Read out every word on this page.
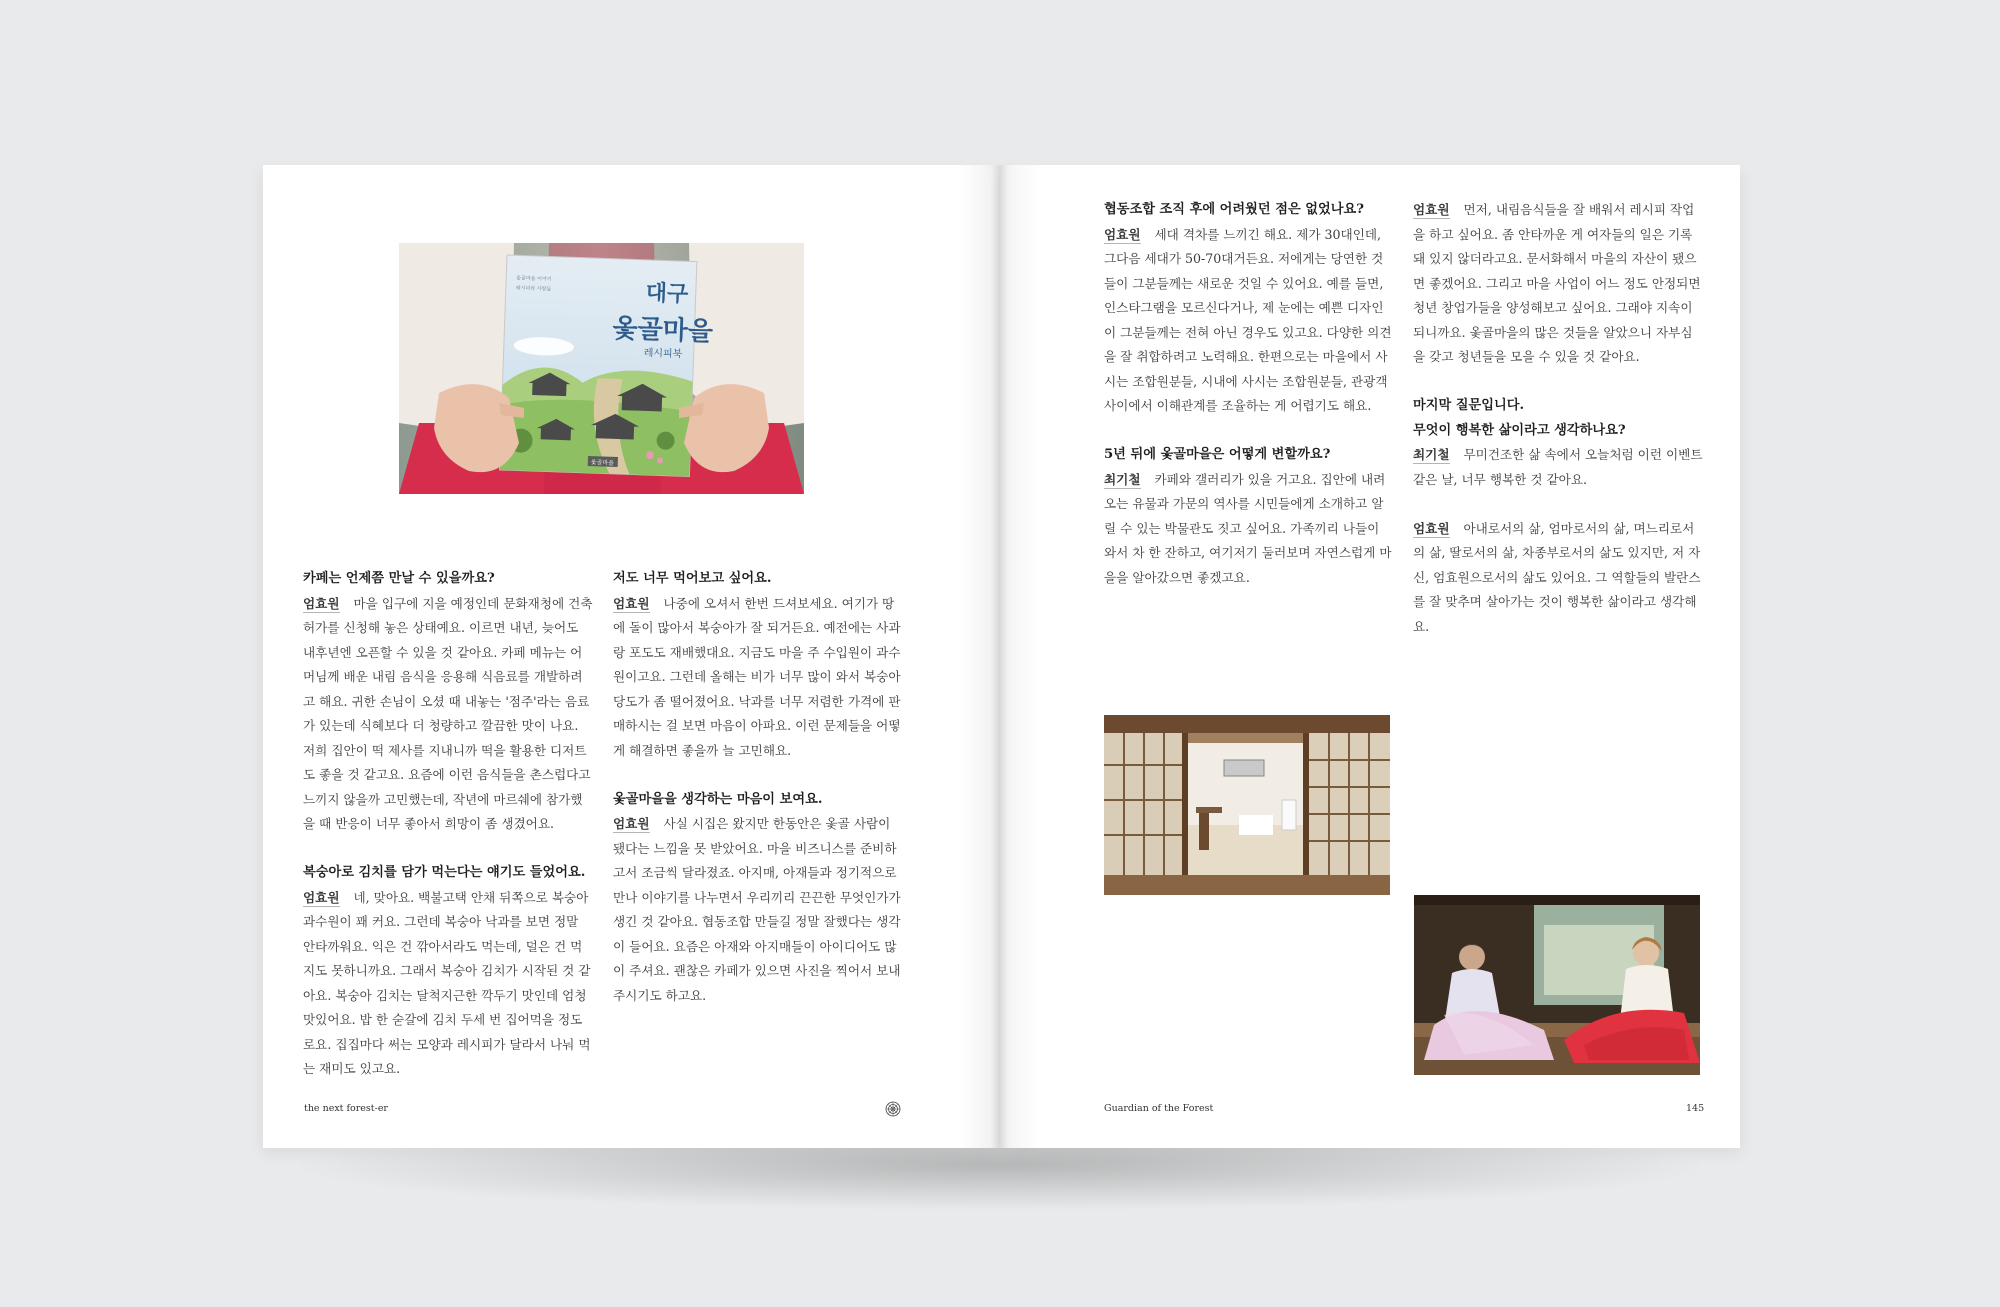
옻골마을 이야기
레시피와 사람들	대구
옻골마을
레시피북
옻골마을
카페는 언제쯤 만날 수 있을까요?
엄효원 마을 입구에 지을 예정인데 문화재청에 건축 허가를 신청해 놓은 상태예요. 이르면 내년, 늦어도 내후년엔 오픈할 수 있을 것 같아요. 카페 메뉴는 어머님께 배운 내림 음식을 응용해 식음료를 개발하려고 해요. 귀한 손님이 오셨 때 내놓는 '점주'라는 음료가 있는데 식혜보다 더 청량하고 깔끔한 맛이 나요. 저희 집안이 떡 제사를 지내니까 떡을 활용한 디저트도 좋을 것 같고요. 요즘에 이런 음식들을 촌스럽다고 느끼지 않을까 고민했는데, 작년에 마르쉐에 참가했을 때 반응이 너무 좋아서 희망이 좀 생겼어요.
복숭아로 김치를 담가 먹는다는 얘기도 들었어요.
엄효원 네, 맞아요. 백불고택 안채 뒤쪽으로 복숭아 과수원이 꽤 커요. 그런데 복숭아 낙과를 보면 정말 안타까워요. 익은 건 깎아서라도 먹는데, 덜은 건 먹지도 못하니까요. 그래서 복숭아 김치가 시작된 것 같아요. 복숭아 김치는 달척지근한 깍두기 맛인데 엄청 맛있어요. 밥 한 숟갈에 김치 두세 번 집어먹을 정도로요. 집집마다 써는 모양과 레시피가 달라서 나눠 먹는 재미도 있고요.
저도 너무 먹어보고 싶어요.
엄효원 나중에 오셔서 한번 드셔보세요. 여기가 땅에 돌이 많아서 복숭아가 잘 되거든요. 예전에는 사과랑 포도도 재배했대요. 지금도 마을 주 수입원이 과수원이고요. 그런데 올해는 비가 너무 많이 와서 복숭아 당도가 좀 떨어졌어요. 낙과를 너무 저렴한 가격에 판매하시는 걸 보면 마음이 아파요. 이런 문제들을 어떻게 해결하면 좋을까 늘 고민해요.
옻골마을을 생각하는 마음이 보여요.
엄효원 사실 시집은 왔지만 한동안은 옻골 사람이 됐다는 느낌을 못 받았어요. 마을 비즈니스를 준비하고서 조금씩 달라졌죠. 아지매, 아재들과 정기적으로 만나 이야기를 나누면서 우리끼리 끈끈한 무엇인가가 생긴 것 같아요. 협동조합 만들길 정말 잘했다는 생각이 들어요. 요즘은 아재와 아지매들이 아이디어도 많이 주셔요. 괜찮은 카페가 있으면 사진을 찍어서 보내주시기도 하고요.
the next forest-er
협동조합 조직 후에 어려웠던 점은 없었나요?
엄효원 세대 격차를 느끼긴 해요. 제가 30대인데, 그다음 세대가 50-70대거든요. 저에게는 당연한 것들이 그분들께는 새로운 것일 수 있어요. 예를 들면, 인스타그램을 모르신다거나, 제 눈에는 예쁜 디자인이 그분들께는 전혀 아닌 경우도 있고요. 다양한 의견을 잘 취합하려고 노력해요. 한편으로는 마을에서 사시는 조합원분들, 시내에 사시는 조합원분들, 관광객 사이에서 이해관계를 조율하는 게 어렵기도 해요.
5년 뒤에 옻골마을은 어떻게 변할까요?
최기철 카페와 갤러리가 있을 거고요. 집안에 내려오는 유물과 가문의 역사를 시민들에게 소개하고 알릴 수 있는 박물관도 짓고 싶어요. 가족끼리 나들이 와서 차 한 잔하고, 여기저기 둘러보며 자연스럽게 마을을 알아갔으면 좋겠고요.
엄효원 먼저, 내림음식들을 잘 배워서 레시피 작업을 하고 싶어요. 좀 안타까운 게 여자들의 일은 기록돼 있지 않더라고요. 문서화해서 마을의 자산이 됐으면 좋겠어요. 그리고 마을 사업이 어느 정도 안정되면 청년 창업가들을 양성해보고 싶어요. 그래야 지속이 되니까요. 옻골마을의 많은 것들을 알았으니 자부심을 갖고 청년들을 모을 수 있을 것 같아요.
마지막 질문입니다.
무엇이 행복한 삶이라고 생각하나요?
최기철 무미건조한 삶 속에서 오늘처럼 이런 이벤트 같은 날, 너무 행복한 것 같아요.
엄효원 아내로서의 삶, 엄마로서의 삶, 며느리로서의 삶, 딸로서의 삶, 차종부로서의 삶도 있지만, 저 자신, 엄효원으로서의 삶도 있어요. 그 역할들의 발란스를 잘 맞추며 살아가는 것이 행복한 삶이라고 생각해요.
Guardian of the Forest	145
